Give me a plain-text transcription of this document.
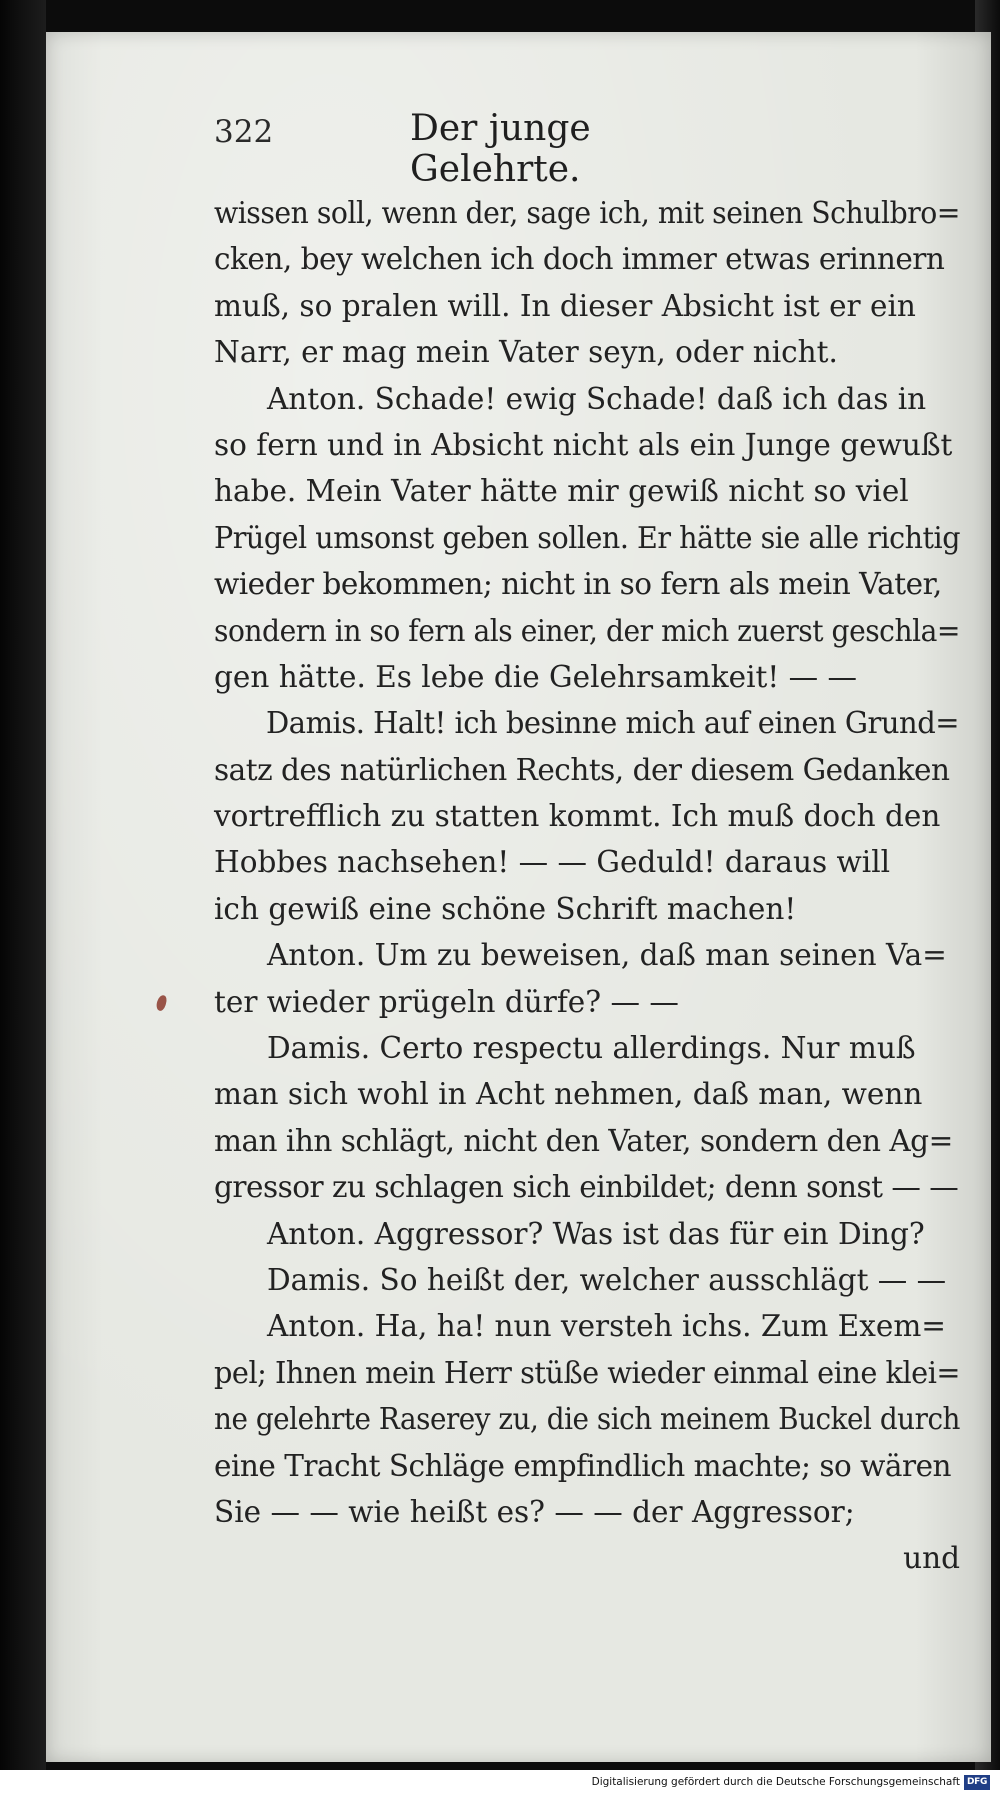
322	Der junge Gelehrte.
wissen soll, wenn der, sage ich, mit seinen Schulbro=
cken, bey welchen ich doch immer etwas erinnern
muß, so pralen will. In dieser Absicht ist er ein
Narr, er mag mein Vater seyn, oder nicht.
Anton. Schade! ewig Schade! daß ich das in
so fern und in Absicht nicht als ein Junge gewußt
habe. Mein Vater hätte mir gewiß nicht so viel
Prügel umsonst geben sollen. Er hätte sie alle richtig
wieder bekommen; nicht in so fern als mein Vater,
sondern in so fern als einer, der mich zuerst geschla=
gen hätte. Es lebe die Gelehrsamkeit! — —
Damis. Halt! ich besinne mich auf einen Grund=
satz des natürlichen Rechts, der diesem Gedanken
vortrefflich zu statten kommt. Ich muß doch den
Hobbes nachsehen! — — Geduld! daraus will
ich gewiß eine schöne Schrift machen!
Anton. Um zu beweisen, daß man seinen Va=
ter wieder prügeln dürfe? — —
Damis. Certo respectu allerdings. Nur muß
man sich wohl in Acht nehmen, daß man, wenn
man ihn schlägt, nicht den Vater, sondern den Ag=
gressor zu schlagen sich einbildet; denn sonst — —
Anton. Aggressor? Was ist das für ein Ding?
Damis. So heißt der, welcher ausschlägt — —
Anton. Ha, ha! nun versteh ichs. Zum Exem=
pel; Ihnen mein Herr stüße wieder einmal eine klei=
ne gelehrte Raserey zu, die sich meinem Buckel durch
eine Tracht Schläge empfindlich machte; so wären
Sie — — wie heißt es? — — der Aggressor;
und
Digitalisierung gefördert durch die Deutsche Forschungsgemeinschaft DFG
